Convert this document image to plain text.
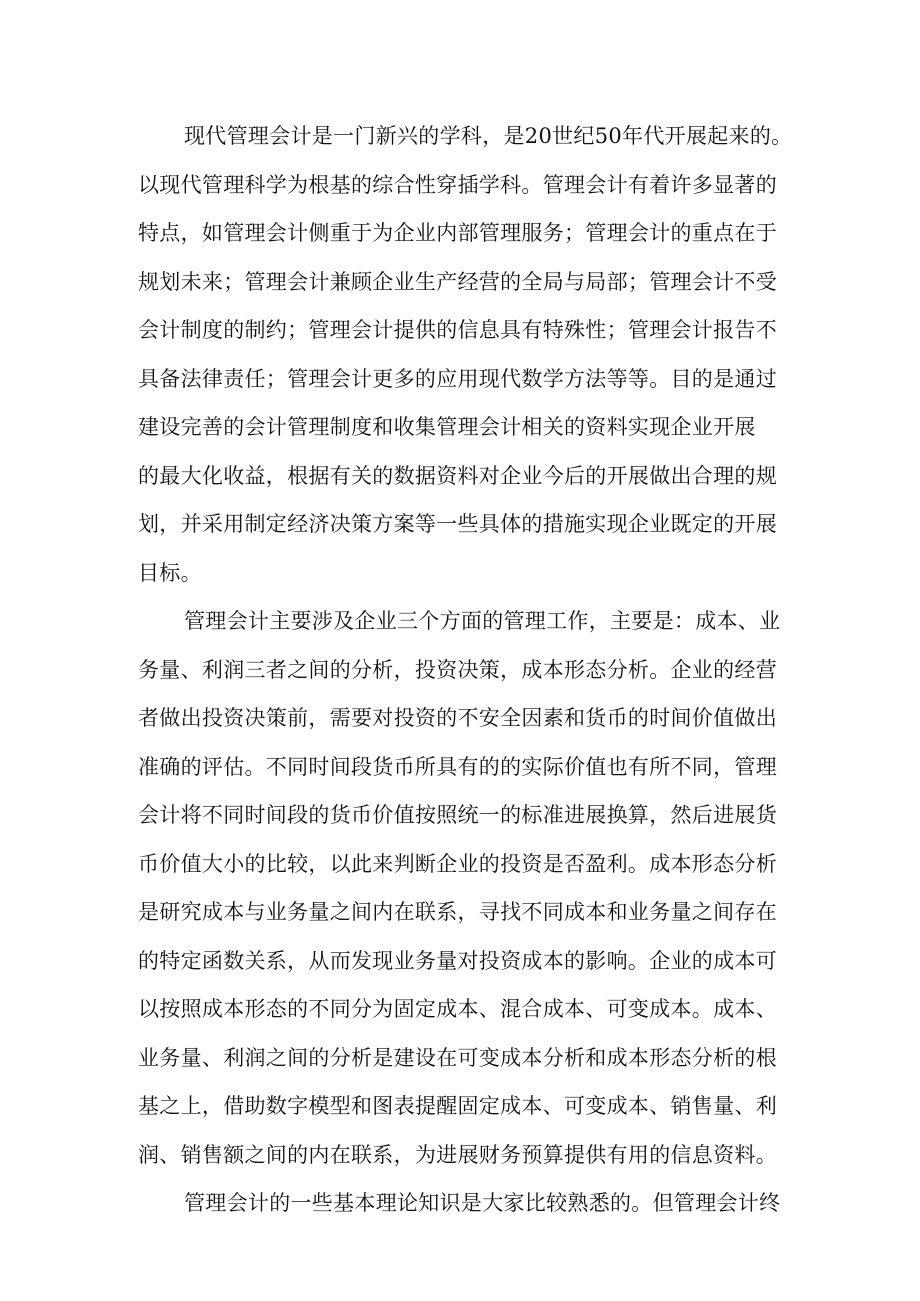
现代管理会计是一门新兴的学科，是20世纪50年代开展起来的。
以现代管理科学为根基的综合性穿插学科。管理会计有着许多显著的
特点，如管理会计侧重于为企业内部管理服务；管理会计的重点在于
规划未来；管理会计兼顾企业生产经营的全局与局部；管理会计不受
会计制度的制约；管理会计提供的信息具有特殊性；管理会计报告不
具备法律责任；管理会计更多的应用现代数学方法等等。目的是通过
建设完善的会计管理制度和收集管理会计相关的资料实现企业开展
的最大化收益，根据有关的数据资料对企业今后的开展做出合理的规
划，并采用制定经济决策方案等一些具体的措施实现企业既定的开展
目标。
管理会计主要涉及企业三个方面的管理工作，主要是：成本、业
务量、利润三者之间的分析，投资决策，成本形态分析。企业的经营
者做出投资决策前，需要对投资的不安全因素和货币的时间价值做出
准确的评估。不同时间段货币所具有的的实际价值也有所不同，管理
会计将不同时间段的货币价值按照统一的标准进展换算，然后进展货
币价值大小的比较，以此来判断企业的投资是否盈利。成本形态分析
是研究成本与业务量之间内在联系，寻找不同成本和业务量之间存在
的特定函数关系，从而发现业务量对投资成本的影响。企业的成本可
以按照成本形态的不同分为固定成本、混合成本、可变成本。成本、
业务量、利润之间的分析是建设在可变成本分析和成本形态分析的根
基之上，借助数字模型和图表提醒固定成本、可变成本、销售量、利
润、销售额之间的内在联系，为进展财务预算提供有用的信息资料。
管理会计的一些基本理论知识是大家比较熟悉的。但管理会计终
